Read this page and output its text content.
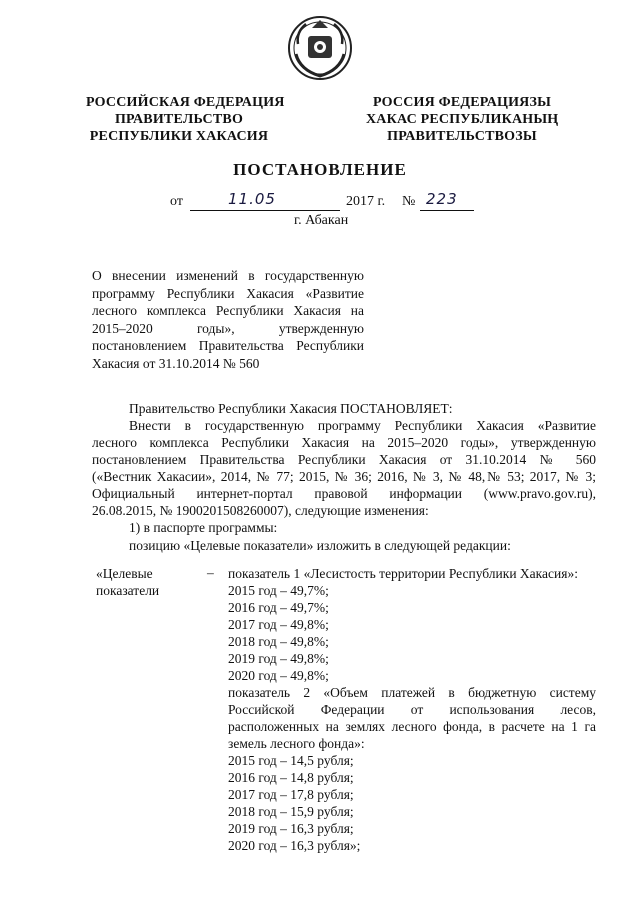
РОССИЙСКАЯ ФЕДЕРАЦИЯ
ПРАВИТЕЛЬСТВО
РЕСПУБЛИКИ ХАКАСИЯ
РОССИЯ ФЕДЕРАЦИЯЗЫ
ХАКАС РЕСПУБЛИКАНЫҢ
ПРАВИТЕЛЬСТВОЗЫ
ПОСТАНОВЛЕНИЕ
от	11.05	2017 г. № 223
г. Абакан
О внесении изменений в государственную
программу Республики Хакасия «Развитие
лесного комплекса Республики Хакасия на
2015–2020 годы», утвержденную
постановлением Правительства Республики
Хакасия от 31.10.2014 № 560
Правительство Республики Хакасия ПОСТАНОВЛЯЕТ:
Внести в государственную программу Республики Хакасия «Развитие
лесного комплекса Республики Хакасия на 2015–2020 годы», утвержденную
постановлением Правительства Республики Хакасия от 31.10.2014 № 560
(«Вестник Хакасии», 2014, № 77; 2015, № 36; 2016, № 3, № 48,№ 53; 2017, № 3;
Официальный интернет-портал правовой информации (www.pravo.gov.ru),
26.08.2015, № 1900201508260007), следующие изменения:
1) в паспорте программы:
позицию «Целевые показатели» изложить в следующей редакции:
«Целевые
показатели
– показатель 1 «Лесистость территории Республики Хакасия»:
2015 год – 49,7%;
2016 год – 49,7%;
2017 год – 49,8%;
2018 год – 49,8%;
2019 год – 49,8%;
2020 год – 49,8%;
показатель 2 «Объем платежей в бюджетную систему
Российской Федерации от использования лесов,
расположенных на землях лесного фонда, в расчете на 1 га
земель лесного фонда»:
2015 год – 14,5 рубля;
2016 год – 14,8 рубля;
2017 год – 17,8 рубля;
2018 год – 15,9 рубля;
2019 год – 16,3 рубля;
2020 год – 16,3 рубля»;
